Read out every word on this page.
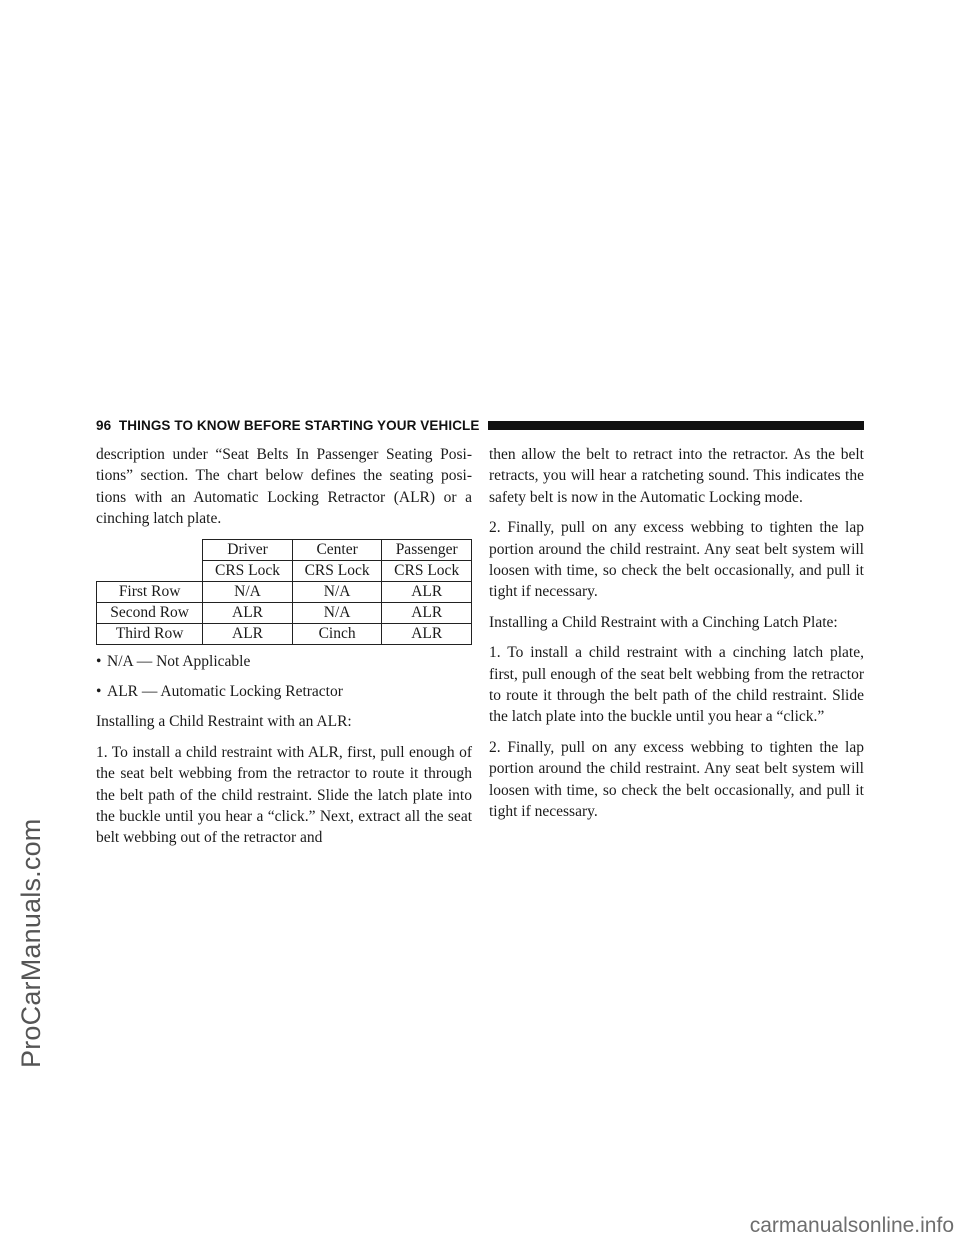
ProCarManuals.com
96 THINGS TO KNOW BEFORE STARTING YOUR VEHICLE

description under “Seat Belts In Passenger Seating Posi-tions” section. The chart below defines the seating posi-tions with an Automatic Locking Retractor (ALR) or a cinching latch plate.

	Driver	Center	Passenger
	CRS Lock	CRS Lock	CRS Lock
First Row	N/A	N/A	ALR
Second Row	ALR	N/A	ALR
Third Row	ALR	Cinch	ALR
• N/A — Not Applicable
• ALR — Automatic Locking Retractor

Installing a Child Restraint with an ALR:

1. To install a child restraint with ALR, first, pull enough of the seat belt webbing from the retractor to route it through the belt path of the child restraint. Slide the latch plate into the buckle until you hear a “click.” Next, extract all the seat belt webbing out of the retractor and

then allow the belt to retract into the retractor. As the belt retracts, you will hear a ratcheting sound. This indicates the safety belt is now in the Automatic Locking mode.

2. Finally, pull on any excess webbing to tighten the lap portion around the child restraint. Any seat belt system will loosen with time, so check the belt occasionally, and pull it tight if necessary.

Installing a Child Restraint with a Cinching Latch Plate:

1. To install a child restraint with a cinching latch plate, first, pull enough of the seat belt webbing from the retractor to route it through the belt path of the child restraint. Slide the latch plate into the buckle until you hear a “click.”

2. Finally, pull on any excess webbing to tighten the lap portion around the child restraint. Any seat belt system will loosen with time, so check the belt occasionally, and pull it tight if necessary.

carmanualsonline.info
